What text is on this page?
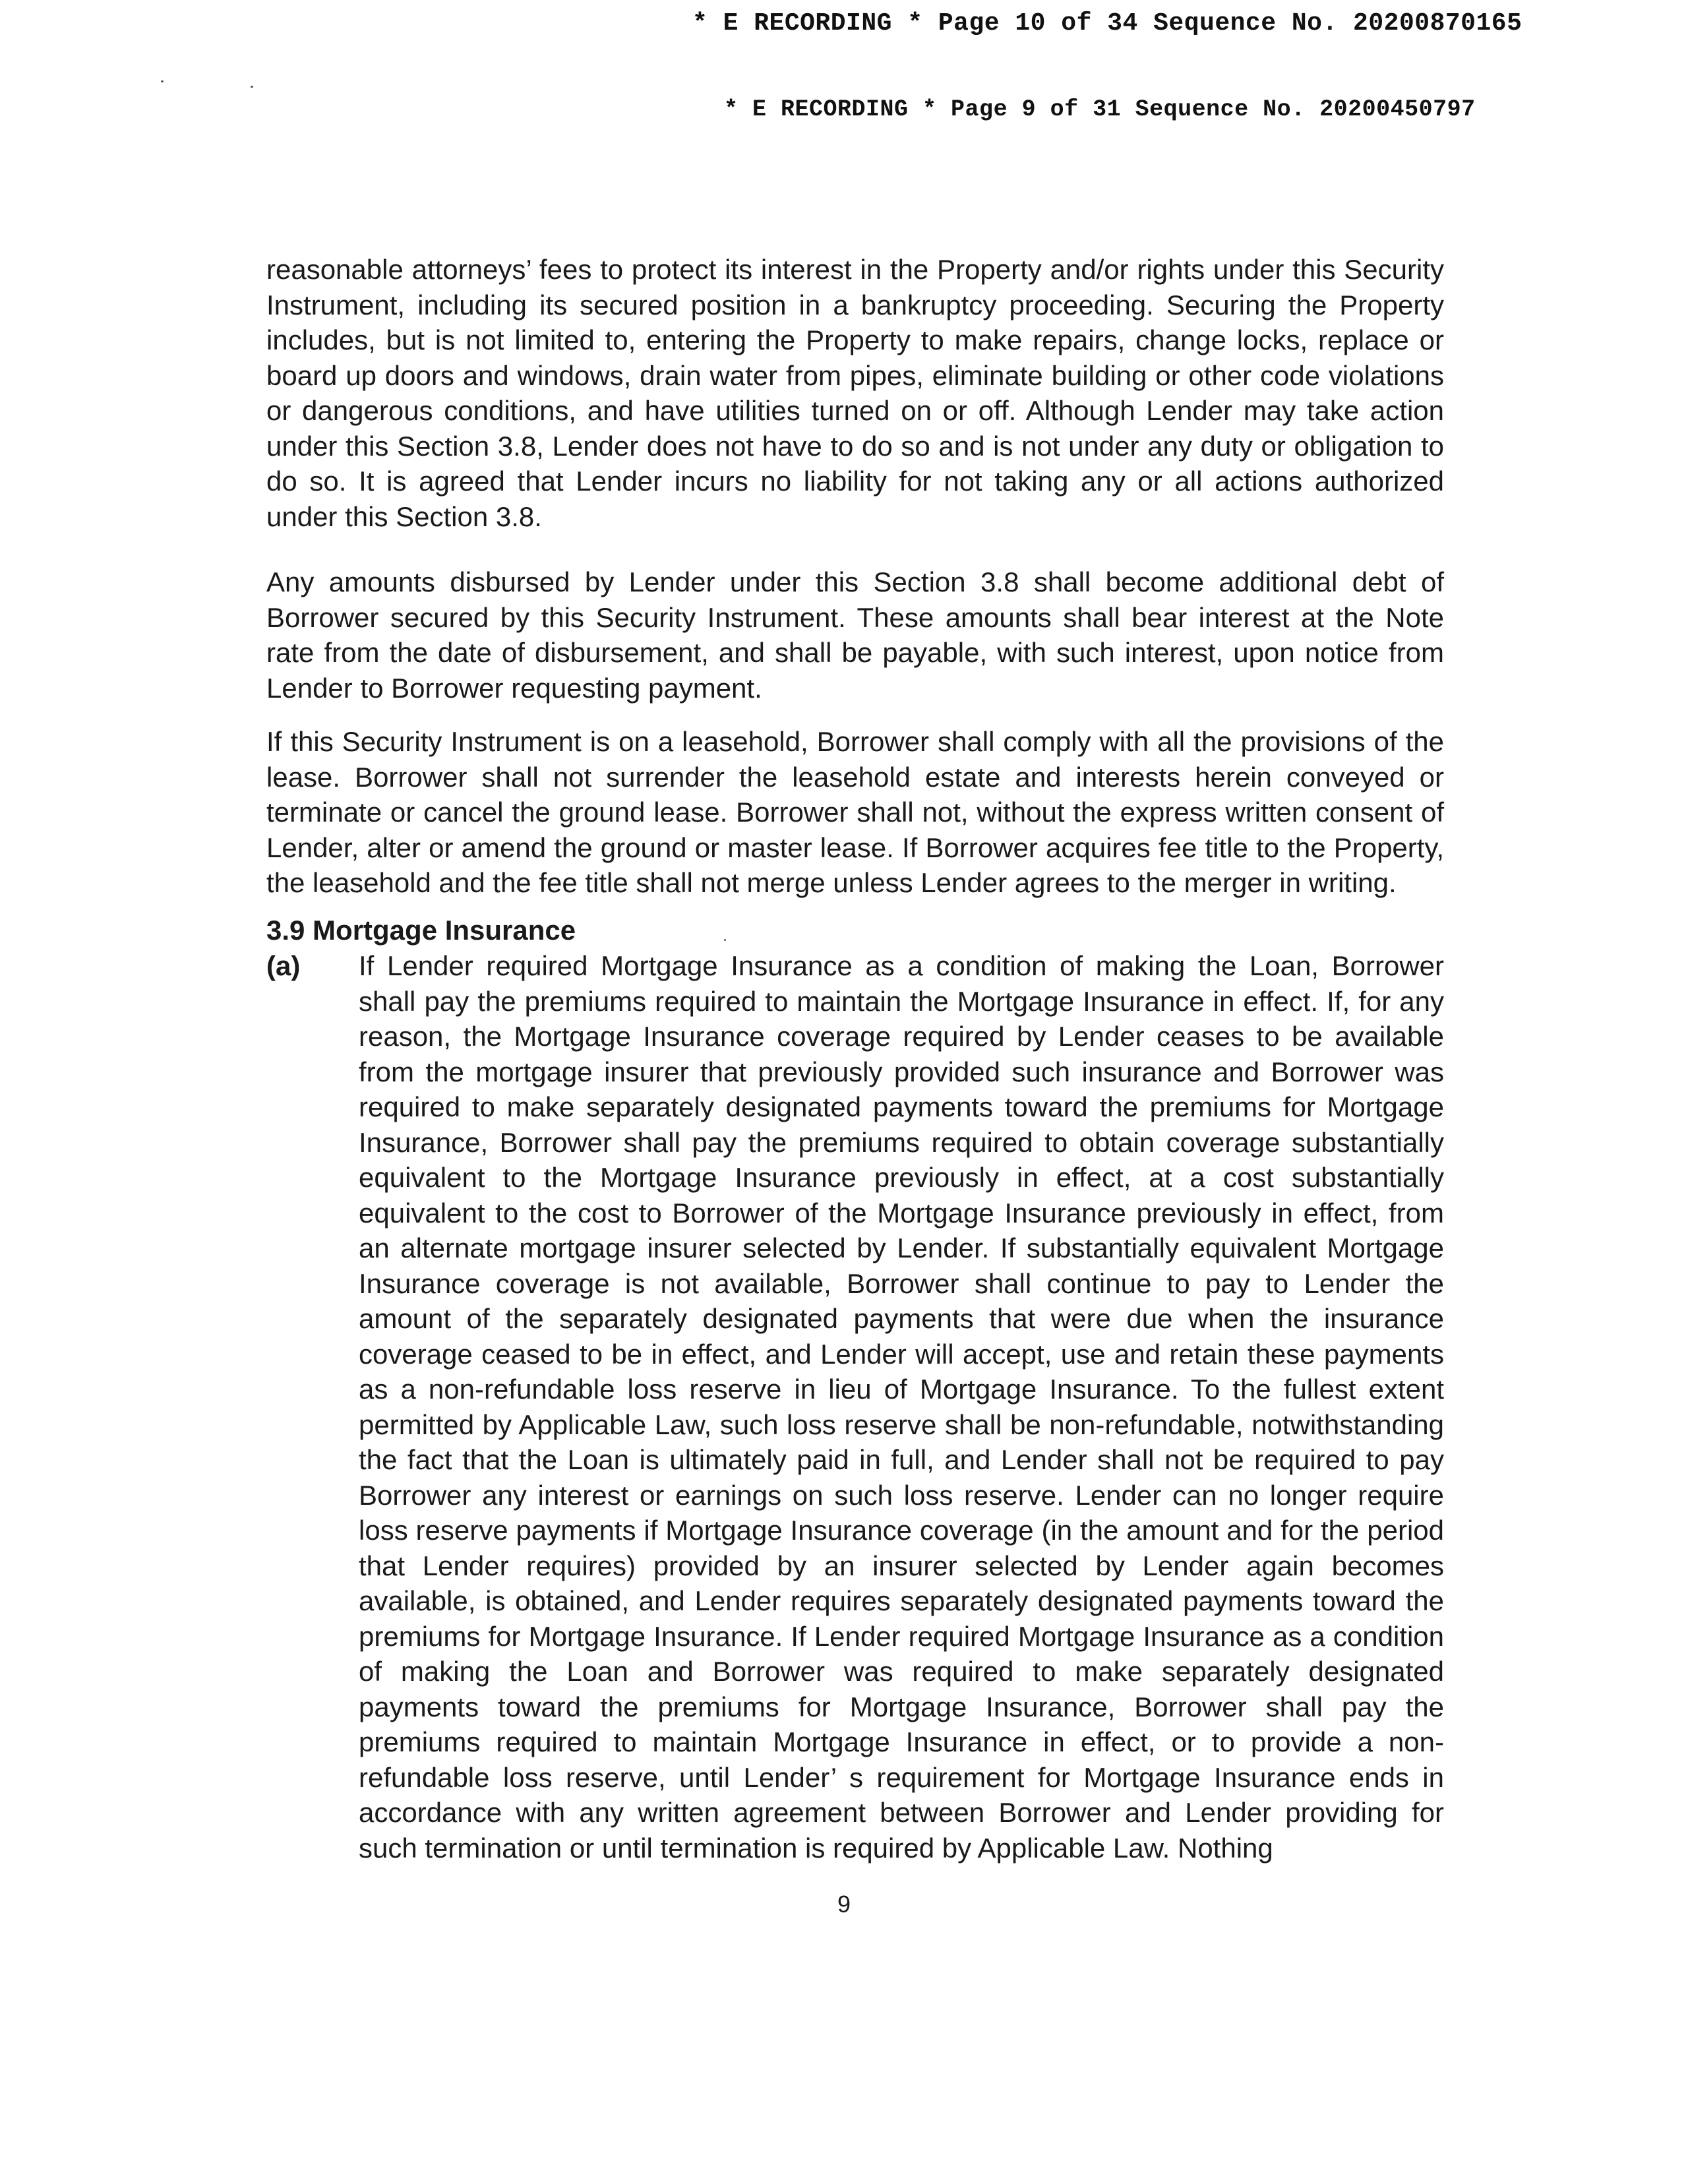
* E RECORDING * Page 10 of 34 Sequence No. 20200870165
* E RECORDING * Page 9 of 31 Sequence No. 20200450797
reasonable attorneys’ fees to protect its interest in the Property and/or rights under this Security Instrument, including its secured position in a bankruptcy proceeding. Securing the Property includes, but is not limited to, entering the Property to make repairs, change locks, replace or board up doors and windows, drain water from pipes, eliminate building or other code violations or dangerous conditions, and have utilities turned on or off. Although Lender may take action under this Section 3.8, Lender does not have to do so and is not under any duty or obligation to do so. It is agreed that Lender incurs no liability for not taking any or all actions authorized under this Section 3.8.
Any amounts disbursed by Lender under this Section 3.8 shall become additional debt of Borrower secured by this Security Instrument. These amounts shall bear interest at the Note rate from the date of disbursement, and shall be payable, with such interest, upon notice from Lender to Borrower requesting payment.
If this Security Instrument is on a leasehold, Borrower shall comply with all the provisions of the lease. Borrower shall not surrender the leasehold estate and interests herein conveyed or terminate or cancel the ground lease. Borrower shall not, without the express written consent of Lender, alter or amend the ground or master lease. If Borrower acquires fee title to the Property, the leasehold and the fee title shall not merge unless Lender agrees to the merger in writing.
3.9 Mortgage Insurance
(a) If Lender required Mortgage Insurance as a condition of making the Loan, Borrower shall pay the premiums required to maintain the Mortgage Insurance in effect. If, for any reason, the Mortgage Insurance coverage required by Lender ceases to be available from the mortgage insurer that previously provided such insurance and Borrower was required to make separately designated payments toward the premiums for Mortgage Insurance, Borrower shall pay the premiums required to obtain coverage substantially equivalent to the Mortgage Insurance previously in effect, at a cost substantially equivalent to the cost to Borrower of the Mortgage Insurance previously in effect, from an alternate mortgage insurer selected by Lender. If substantially equivalent Mortgage Insurance coverage is not available, Borrower shall continue to pay to Lender the amount of the separately designated payments that were due when the insurance coverage ceased to be in effect, and Lender will accept, use and retain these payments as a non-refundable loss reserve in lieu of Mortgage Insurance. To the fullest extent permitted by Applicable Law, such loss reserve shall be non-refundable, notwithstanding the fact that the Loan is ultimately paid in full, and Lender shall not be required to pay Borrower any interest or earnings on such loss reserve. Lender can no longer require loss reserve payments if Mortgage Insurance coverage (in the amount and for the period that Lender requires) provided by an insurer selected by Lender again becomes available, is obtained, and Lender requires separately designated payments toward the premiums for Mortgage Insurance. If Lender required Mortgage Insurance as a condition of making the Loan and Borrower was required to make separately designated payments toward the premiums for Mortgage Insurance, Borrower shall pay the premiums required to maintain Mortgage Insurance in effect, or to provide a non-refundable loss reserve, until Lender’ s requirement for Mortgage Insurance ends in accordance with any written agreement between Borrower and Lender providing for such termination or until termination is required by Applicable Law. Nothing
9
